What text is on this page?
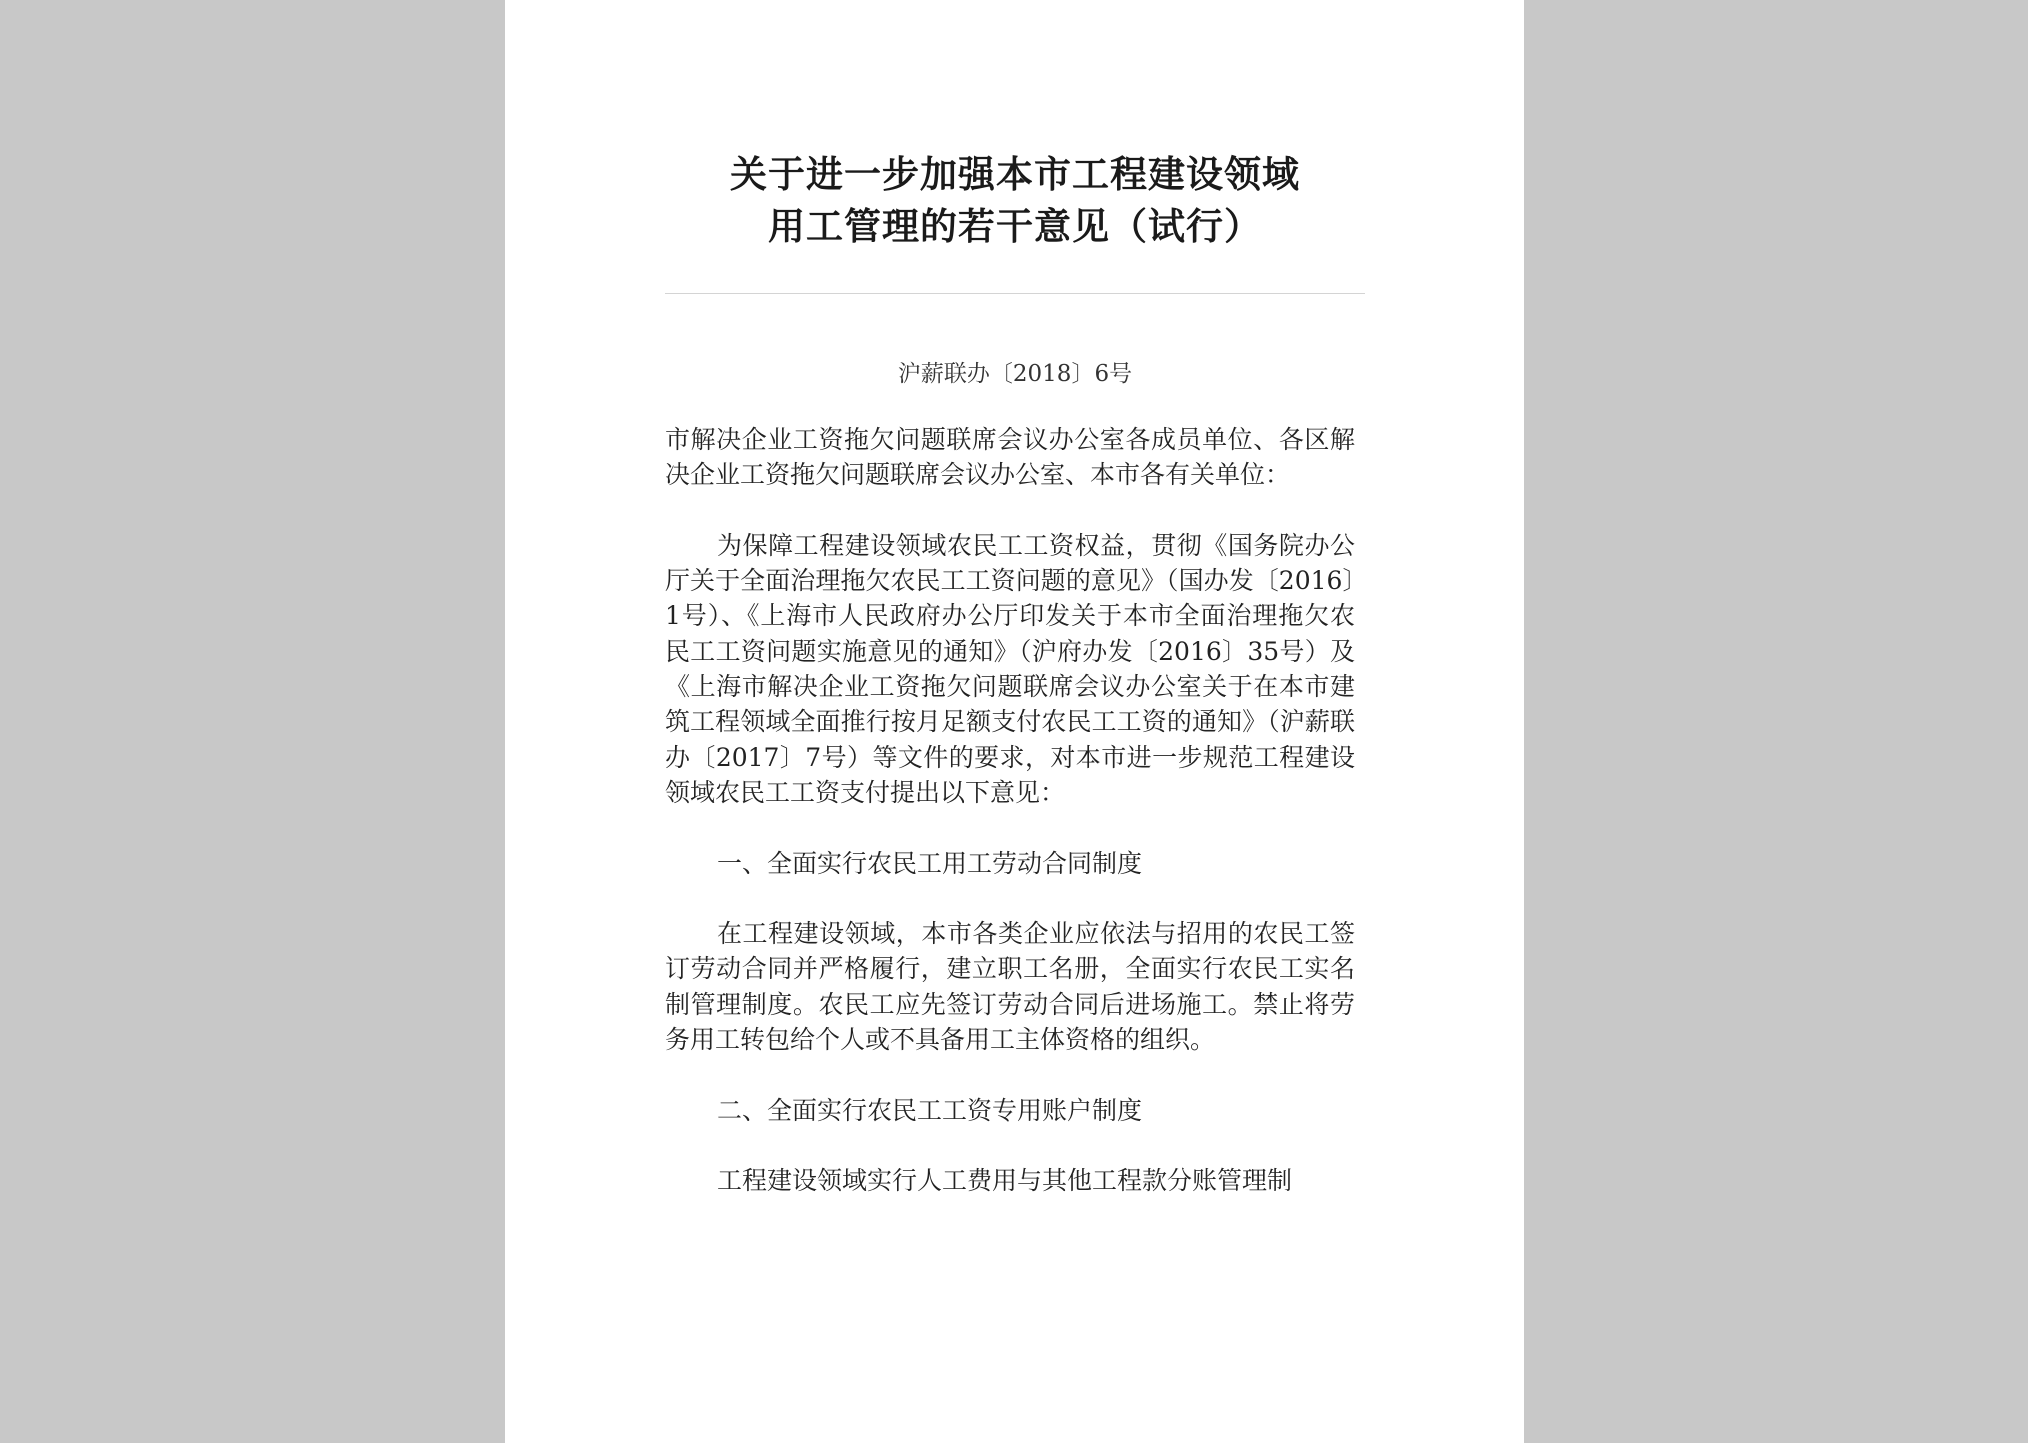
关于进一步加强本市工程建设领域
用工管理的若干意见（试行）
沪薪联办〔2018〕6号

市解决企业工资拖欠问题联席会议办公室各成员单位、各区解决企业工资拖欠问题联席会议办公室、本市各有关单位：

为保障工程建设领域农民工工资权益，贯彻《国务院办公厅关于全面治理拖欠农民工工资问题的意见》（国办发〔2016〕1号）、《上海市人民政府办公厅印发关于本市全面治理拖欠农民工工资问题实施意见的通知》（沪府办发〔2016〕35号）及《上海市解决企业工资拖欠问题联席会议办公室关于在本市建筑工程领域全面推行按月足额支付农民工工资的通知》（沪薪联办〔2017〕7号）等文件的要求，对本市进一步规范工程建设领域农民工工资支付提出以下意见：

一、全面实行农民工用工劳动合同制度

在工程建设领域，本市各类企业应依法与招用的农民工签订劳动合同并严格履行，建立职工名册，全面实行农民工实名制管理制度。农民工应先签订劳动合同后进场施工。禁止将劳务用工转包给个人或不具备用工主体资格的组织。

二、全面实行农民工工资专用账户制度

工程建设领域实行人工费用与其他工程款分账管理制
